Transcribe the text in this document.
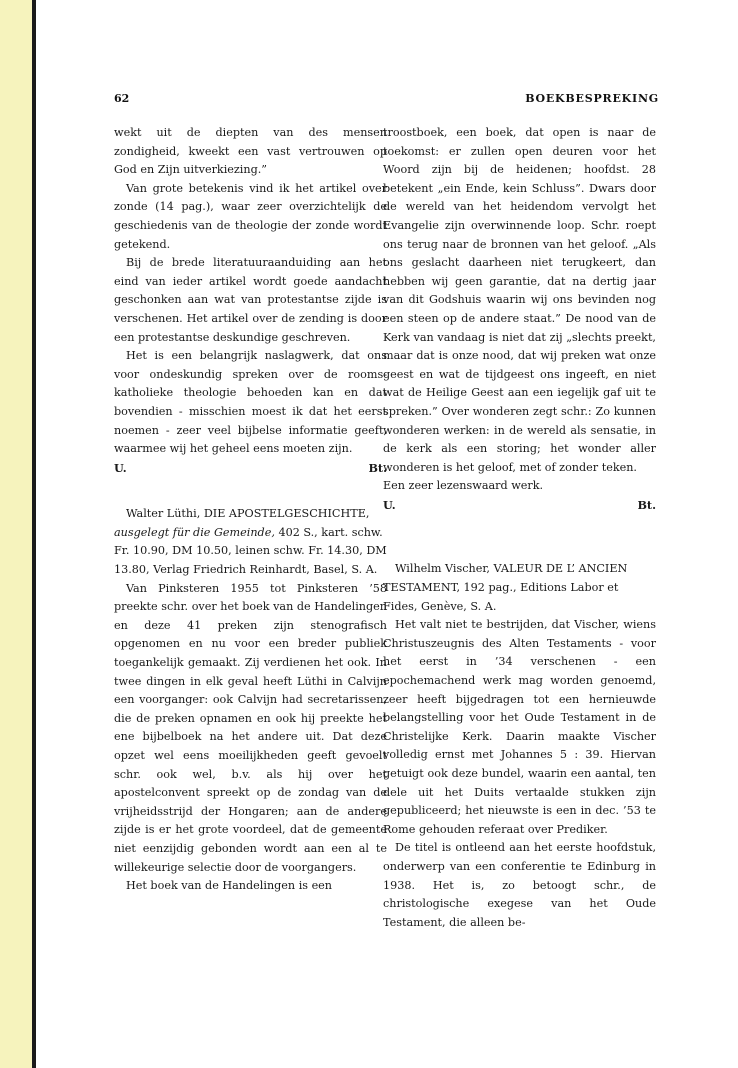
62	BOEKBESPREKING

wekt uit de diepten van des mensen zondigheid, kweekt een vast vertrouwen op God en Zijn uitverkiezing.”

Van grote betekenis vind ik het artikel over zonde (14 pag.), waar zeer overzichtelijk de geschiedenis van de theologie der zonde wordt getekend.

Bij de brede literatuuraanduiding aan het eind van ieder artikel wordt goede aandacht geschonken aan wat van protestantse zijde is verschenen. Het artikel over de zending is door een protestantse deskundige geschreven.

Het is een belangrijk naslagwerk, dat ons voor ondeskundig spreken over de rooms-katholieke theologie behoeden kan en dat bovendien - misschien moest ik dat het eerst noemen - zeer veel bijbelse informatie geeft, waarmee wij het geheel eens moeten zijn.

U.	Bt.

Walter Lüthi, DIE APOSTELGESCHICHTE, ausgelegt für die Gemeinde, 402 S., kart. schw. Fr. 10.90, DM 10.50, leinen schw. Fr. 14.30, DM 13.80, Verlag Friedrich Reinhardt, Basel, S. A.

Van Pinksteren 1955 tot Pinksteren ’58 preekte schr. over het boek van de Handelingen en deze 41 preken zijn stenografisch opgenomen en nu voor een breder publiek toegankelijk gemaakt. Zij verdienen het ook. In twee dingen in elk geval heeft Lüthi in Calvijn een voorganger: ook Calvijn had secretarissen, die de preken opnamen en ook hij preekte het ene bijbelboek na het andere uit. Dat deze opzet wel eens moeilijkheden geeft gevoelt schr. ook wel, b.v. als hij over het apostelconvent spreekt op de zondag van de vrijheidsstrijd der Hongaren; aan de andere zijde is er het grote voordeel, dat de gemeente niet eenzijdig gebonden wordt aan een al te willekeurige selectie door de voorgangers.

Het boek van de Handelingen is een

troostboek, een boek, dat open is naar de toekomst: er zullen open deuren voor het Woord zijn bij de heidenen; hoofdst. 28 betekent „ein Ende, kein Schluss”. Dwars door de wereld van het heidendom vervolgt het Evangelie zijn overwinnende loop. Schr. roept ons terug naar de bronnen van het geloof. „Als ons geslacht daarheen niet terugkeert, dan hebben wij geen garantie, dat na dertig jaar van dit Godshuis waarin wij ons bevinden nog een steen op de andere staat.” De nood van de Kerk van vandaag is niet dat zij „slechts preekt, maar dat is onze nood, dat wij preken wat onze geest en wat de tijdgeest ons ingeeft, en niet wat de Heilige Geest aan een iegelijk gaf uit te spreken.” Over wonderen zegt schr.: Zo kunnen wonderen werken: in de wereld als sensatie, in de kerk als een storing; het wonder aller wonderen is het geloof, met of zonder teken.

Een zeer lezenswaard werk.

U.	Bt.

Wilhelm Vischer, VALEUR DE L’ ANCIEN TESTAMENT, 192 pag., Editions Labor et Fides, Genève, S. A.

Het valt niet te bestrijden, dat Vischer, wiens Christuszeugnis des Alten Testaments - voor het eerst in ’34 verschenen - een epochemachend werk mag worden genoemd, zeer heeft bijgedragen tot een hernieuwde belangstelling voor het Oude Testament in de Christelijke Kerk. Daarin maakte Vischer volledig ernst met Johannes 5 : 39. Hiervan getuigt ook deze bundel, waarin een aantal, ten dele uit het Duits vertaalde stukken zijn gepubliceerd; het nieuwste is een in dec. ’53 te Rome gehouden referaat over Prediker.

De titel is ontleend aan het eerste hoofdstuk, onderwerp van een conferentie te Edinburg in 1938. Het is, zo betoogt schr., de christologische exegese van het Oude Testament, die alleen be-
